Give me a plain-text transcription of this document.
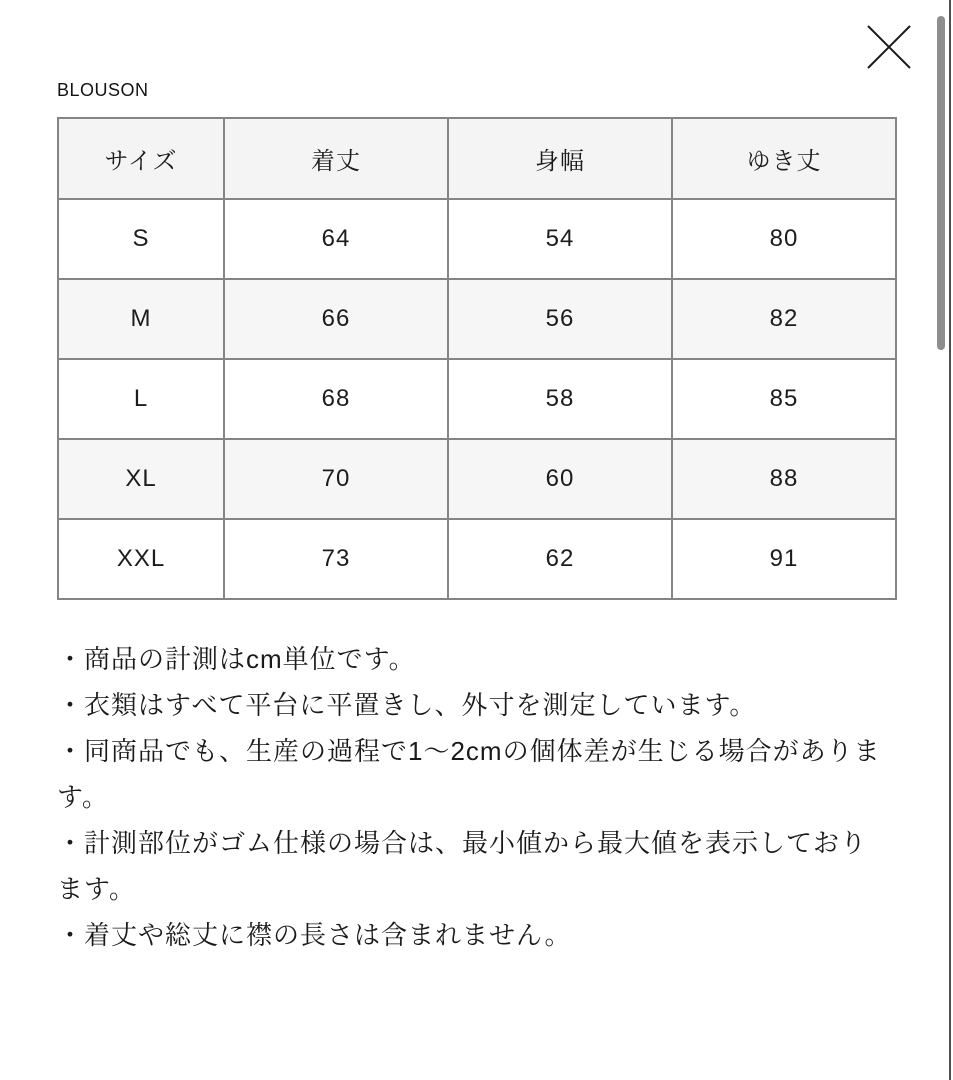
BLOUSON
サイズ	着丈	身幅	ゆき丈
S	64	54	80
M	66	56	82
L	68	58	85
XL	70	60	88
XXL	73	62	91
・商品の計測はcm単位です。
・衣類はすべて平台に平置きし、外寸を測定しています。
・同商品でも、生産の過程で1～2cmの個体差が生じる場合がありま
す。
・計測部位がゴム仕様の場合は、最小値から最大値を表示しており
ます。
・着丈や総丈に襟の長さは含まれません。
